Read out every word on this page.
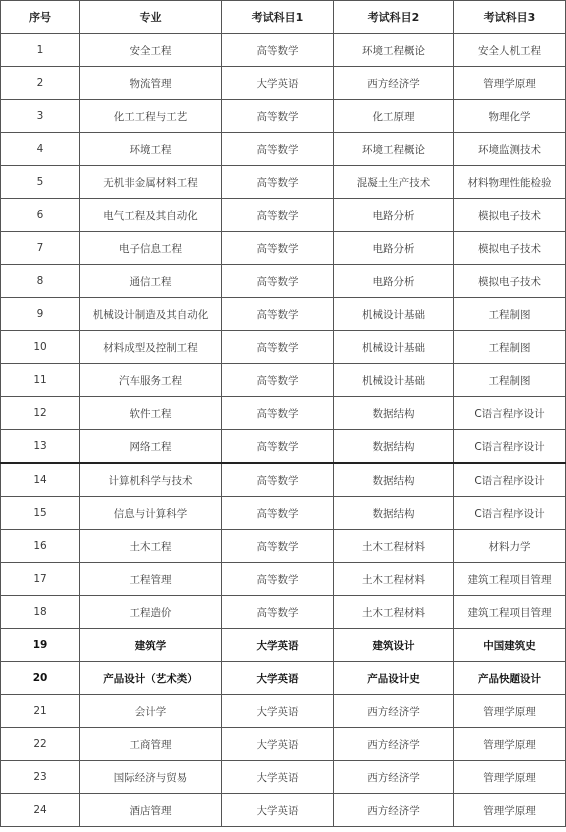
序号	专业	考试科目1	考试科目2	考试科目3
1	安全工程	高等数学	环境工程概论	安全人机工程
2	物流管理	大学英语	西方经济学	管理学原理
3	化工工程与工艺	高等数学	化工原理	物理化学
4	环境工程	高等数学	环境工程概论	环境监测技术
5	无机非金属材料工程	高等数学	混凝土生产技术	材料物理性能检验
6	电气工程及其自动化	高等数学	电路分析	模拟电子技术
7	电子信息工程	高等数学	电路分析	模拟电子技术
8	通信工程	高等数学	电路分析	模拟电子技术
9	机械设计制造及其自动化	高等数学	机械设计基础	工程制图
10	材料成型及控制工程	高等数学	机械设计基础	工程制图
11	汽车服务工程	高等数学	机械设计基础	工程制图
12	软件工程	高等数学	数据结构	C语言程序设计
13	网络工程	高等数学	数据结构	C语言程序设计
14	计算机科学与技术	高等数学	数据结构	C语言程序设计
15	信息与计算科学	高等数学	数据结构	C语言程序设计
16	土木工程	高等数学	土木工程材料	材料力学
17	工程管理	高等数学	土木工程材料	建筑工程项目管理
18	工程造价	高等数学	土木工程材料	建筑工程项目管理
19	建筑学	大学英语	建筑设计	中国建筑史
20	产品设计（艺术类）	大学英语	产品设计史	产品快题设计
21	会计学	大学英语	西方经济学	管理学原理
22	工商管理	大学英语	西方经济学	管理学原理
23	国际经济与贸易	大学英语	西方经济学	管理学原理
24	酒店管理	大学英语	西方经济学	管理学原理
